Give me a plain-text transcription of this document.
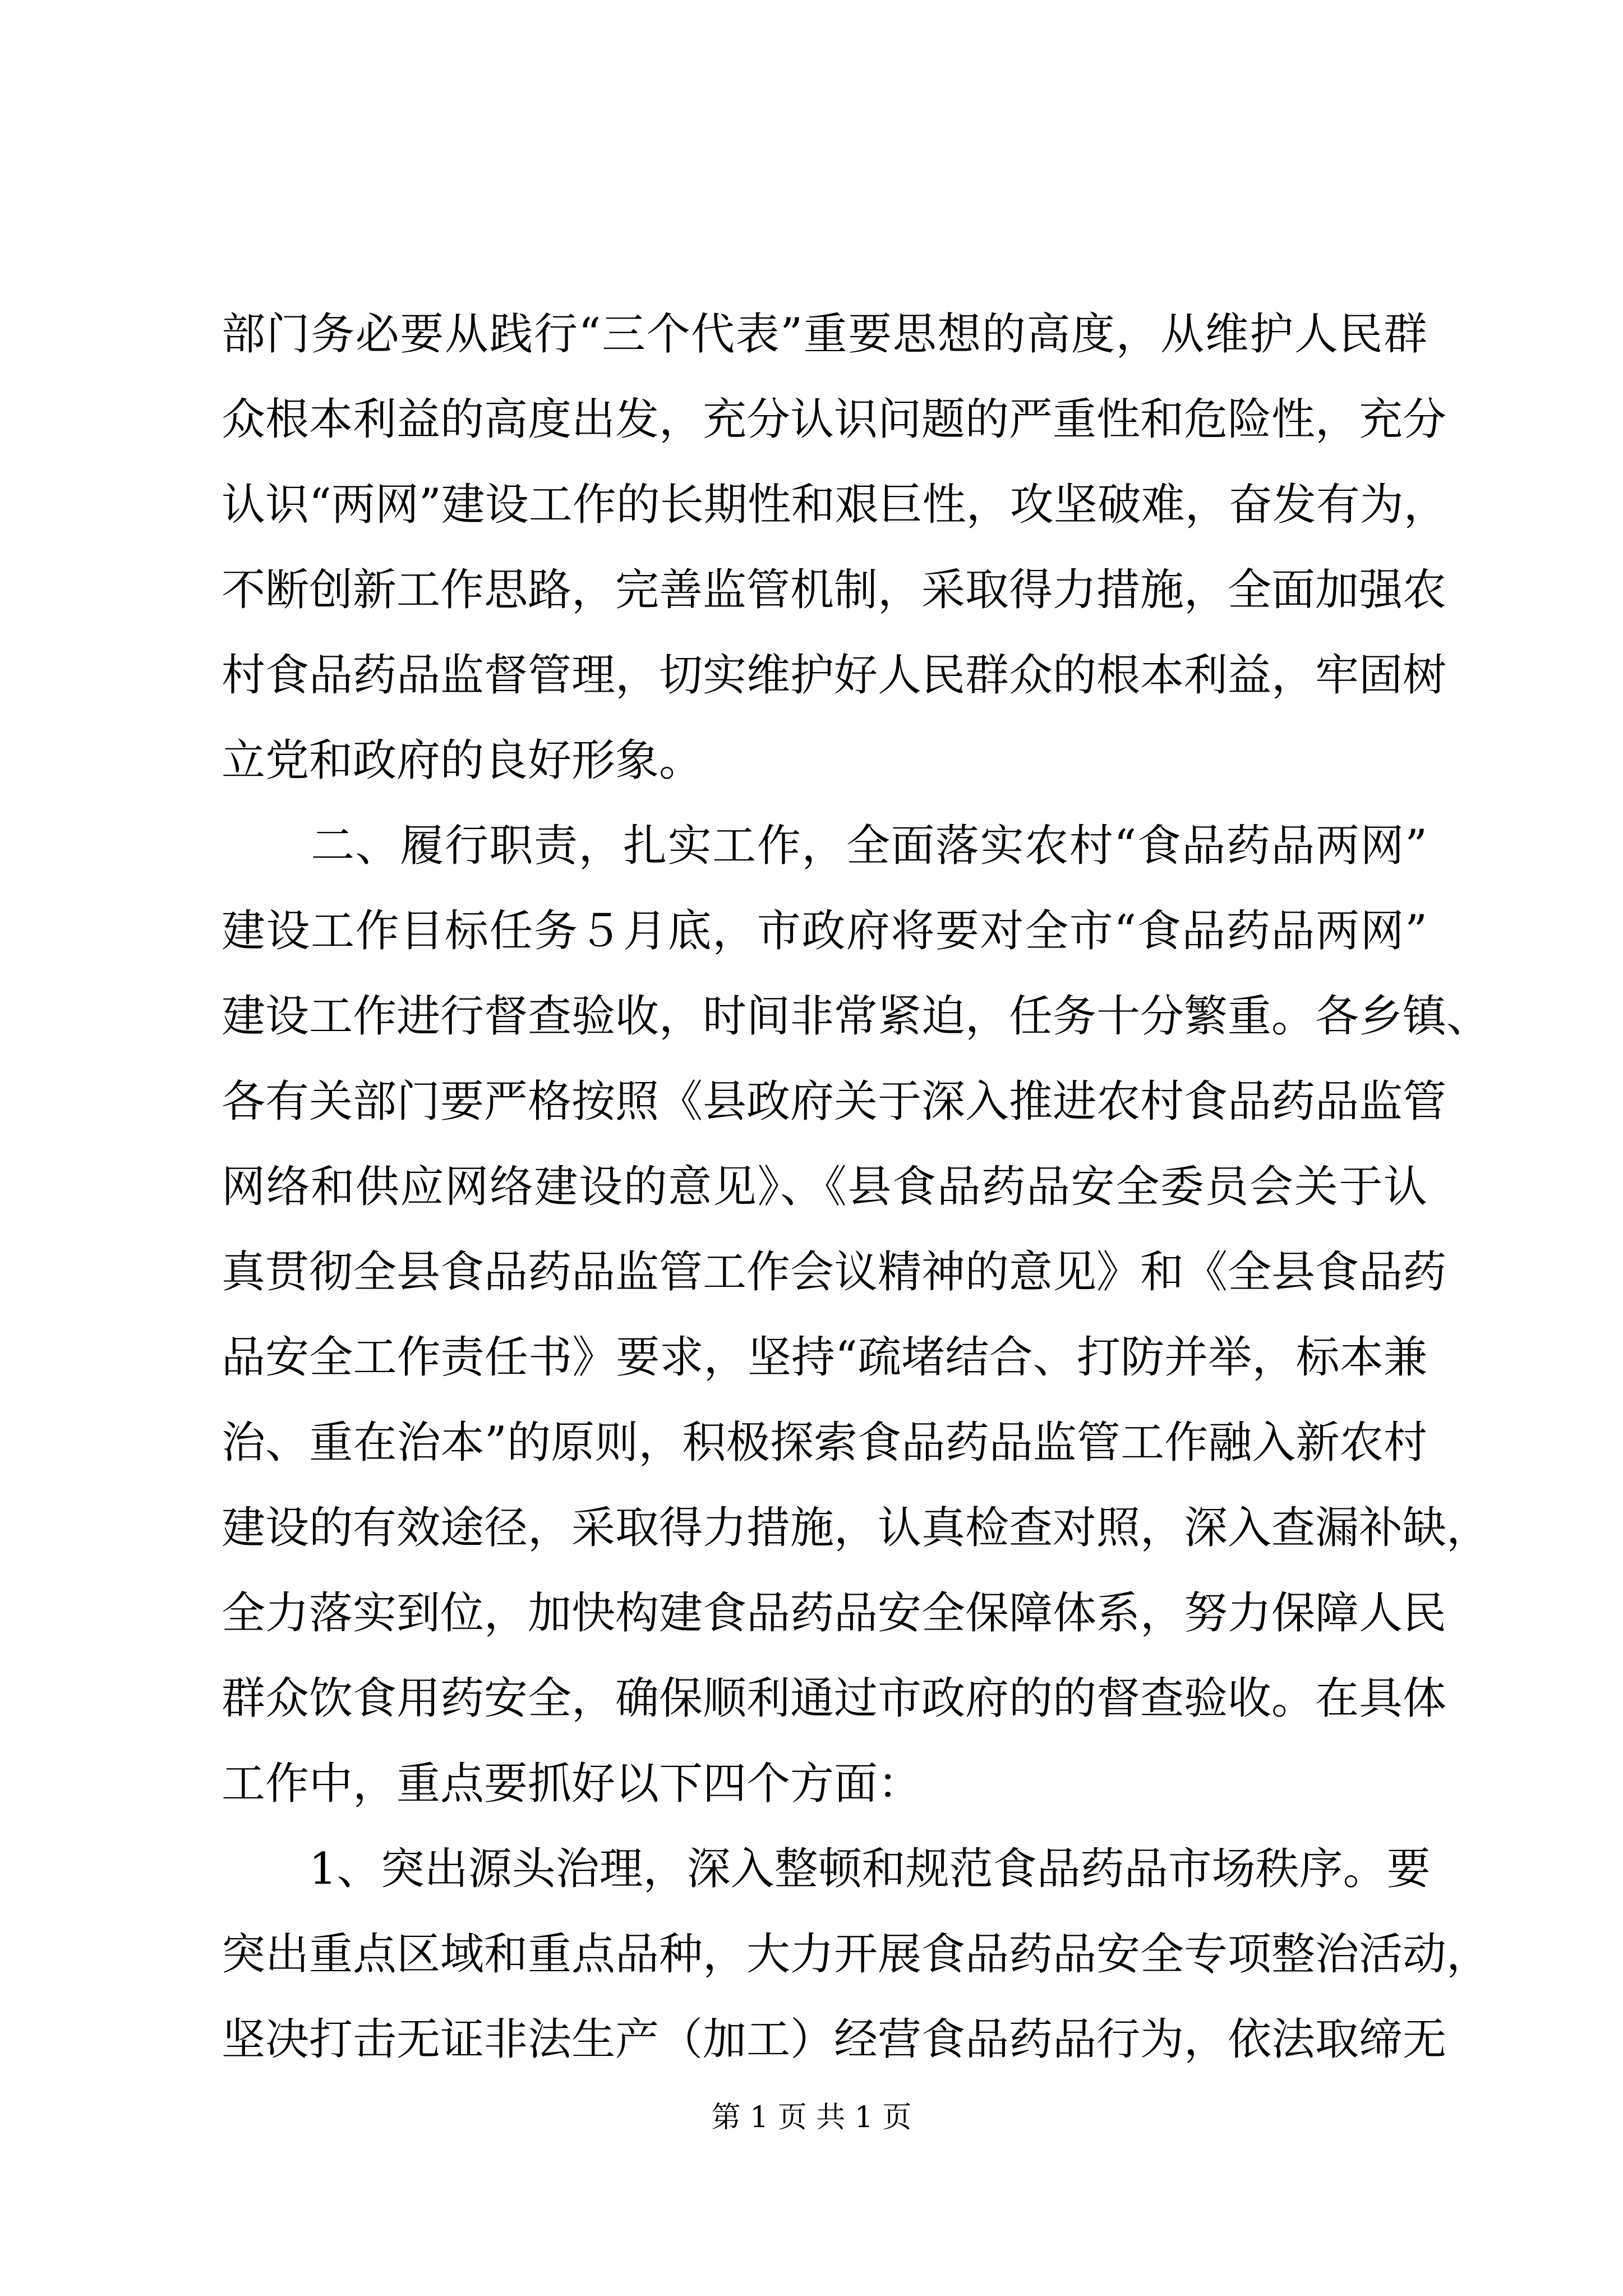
部门务必要从践行“三个代表”重要思想的高度，从维护人民群
众根本利益的高度出发，充分认识问题的严重性和危险性，充分
认识“两网”建设工作的长期性和艰巨性，攻坚破难，奋发有为，
不断创新工作思路，完善监管机制，采取得力措施，全面加强农
村食品药品监督管理，切实维护好人民群众的根本利益，牢固树
立党和政府的良好形象。
　　二、履行职责，扎实工作，全面落实农村“食品药品两网”
建设工作目标任务５月底，市政府将要对全市“食品药品两网”
建设工作进行督查验收，时间非常紧迫，任务十分繁重。各乡镇、
各有关部门要严格按照《县政府关于深入推进农村食品药品监管
网络和供应网络建设的意见》、《县食品药品安全委员会关于认
真贯彻全县食品药品监管工作会议精神的意见》和《全县食品药
品安全工作责任书》要求，坚持“疏堵结合、打防并举，标本兼
治、重在治本”的原则，积极探索食品药品监管工作融入新农村
建设的有效途径，采取得力措施，认真检查对照，深入查漏补缺，
全力落实到位，加快构建食品药品安全保障体系，努力保障人民
群众饮食用药安全，确保顺利通过市政府的的督查验收。在具体
工作中，重点要抓好以下四个方面：
　　1、突出源头治理，深入整顿和规范食品药品市场秩序。要
突出重点区域和重点品种，大力开展食品药品安全专项整治活动，
坚决打击无证非法生产（加工）经营食品药品行为，依法取缔无
第 1 页 共 1 页
